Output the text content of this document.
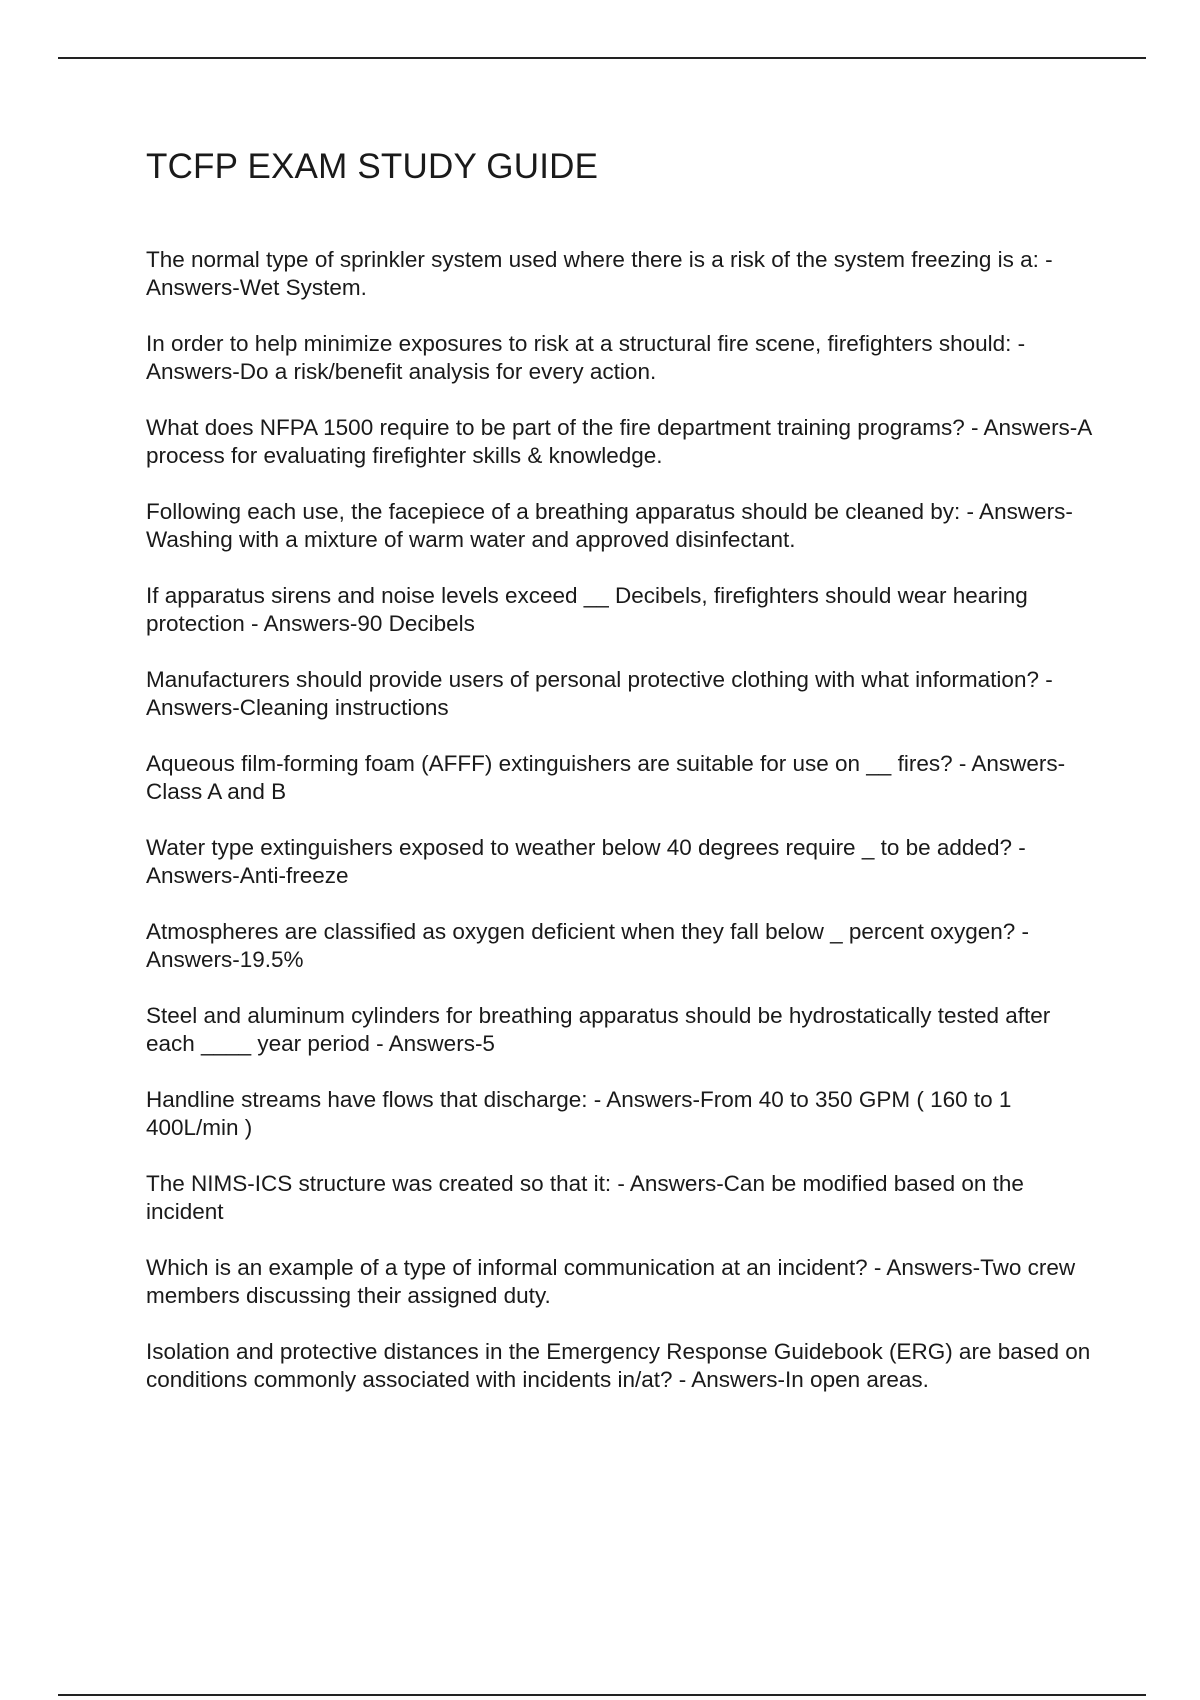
TCFP EXAM STUDY GUIDE
The normal type of sprinkler system used where there is a risk of the system freezing is a: - Answers-Wet System.
In order to help minimize exposures to risk at a structural fire scene, firefighters should: - Answers-Do a risk/benefit analysis for every action.
What does NFPA 1500 require to be part of the fire department training programs? - Answers-A process for evaluating firefighter skills & knowledge.
Following each use, the facepiece of a breathing apparatus should be cleaned by: - Answers-Washing with a mixture of warm water and approved disinfectant.
If apparatus sirens and noise levels exceed __ Decibels, firefighters should wear hearing protection - Answers-90 Decibels
Manufacturers should provide users of personal protective clothing with what information? - Answers-Cleaning instructions
Aqueous film-forming foam (AFFF) extinguishers are suitable for use on __ fires? - Answers-Class A and B
Water type extinguishers exposed to weather below 40 degrees require _ to be added? - Answers-Anti-freeze
Atmospheres are classified as oxygen deficient when they fall below _ percent oxygen? - Answers-19.5%
Steel and aluminum cylinders for breathing apparatus should be hydrostatically tested after each ____ year period - Answers-5
Handline streams have flows that discharge: - Answers-From 40 to 350 GPM ( 160 to 1 400L/min )
The NIMS-ICS structure was created so that it: - Answers-Can be modified based on the incident
Which is an example of a type of informal communication at an incident? - Answers-Two crew members discussing their assigned duty.
Isolation and protective distances in the Emergency Response Guidebook (ERG) are based on conditions commonly associated with incidents in/at? - Answers-In open areas.
